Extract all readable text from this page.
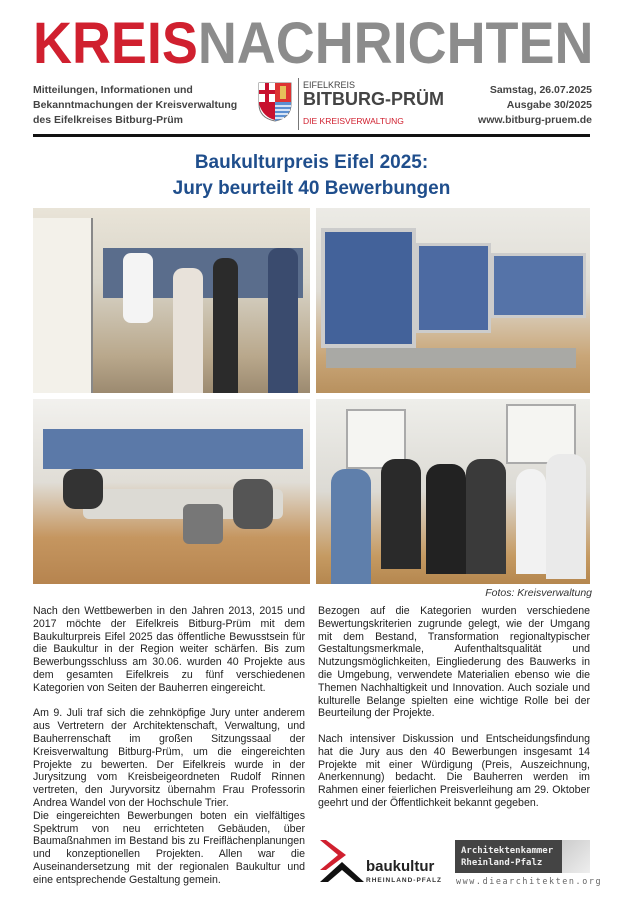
KREISNACHRICHTEN
Mitteilungen, Informationen und
Bekanntmachungen der Kreisverwaltung
des Eifelkreises Bitburg-Prüm
EIFELKREIS
BITBURG-PRÜM
DIE KREISVERWALTUNG
Samstag, 26.07.2025
Ausgabe 30/2025
www.bitburg-pruem.de
Baukulturpreis Eifel 2025:
Jury beurteilt 40 Bewerbungen
Fotos: Kreisverwaltung

Nach den Wettbewerben in den Jahren 2013, 2015 und 2017 möchte der Eifelkreis Bitburg-Prüm mit dem Baukulturpreis Eifel 2025 das öffentliche Bewusstsein für die Baukultur in der Region weiter schärfen. Bis zum Bewerbungsschluss am 30.06. wurden 40 Projekte aus dem gesamten Eifelkreis zu fünf verschiedenen Kategorien von Seiten der Bauherren eingereicht.

Am 9. Juli traf sich die zehnköpfige Jury unter anderem aus Vertretern der Architektenschaft, Verwaltung, und Bauherrenschaft im großen Sitzungssaal der Kreisverwaltung Bitburg-Prüm, um die eingereichten Projekte zu bewerten. Der Eifelkreis wurde in der Jurysitzung vom Kreisbeigeordneten Rudolf Rinnen vertreten, den Juryvorsitz übernahm Frau Professorin Andrea Wandel von der Hochschule Trier.

Die eingereichten Bewerbungen boten ein vielfältiges Spektrum von neu errichteten Gebäuden, über Baumaßnahmen im Bestand bis zu Freiflächenplanungen und konzeptionellen Projekten. Allen war die Auseinandersetzung mit der regionalen Baukultur und eine entsprechende Gestaltung gemein.

Bezogen auf die Kategorien wurden verschiedene Bewertungskriterien zugrunde gelegt, wie der Umgang mit dem Bestand, Transformation regionaltypischer Gestaltungsmerkmale, Aufenthaltsqualität und Nutzungsmöglichkeiten, Eingliederung des Bauwerks in die Umgebung, verwendete Materialien ebenso wie die Themen Nachhaltigkeit und Innovation. Auch soziale und kulturelle Belange spielten eine wichtige Rolle bei der Beurteilung der Projekte.

Nach intensiver Diskussion und Entscheidungsfindung hat die Jury aus den 40 Bewerbungen insgesamt 14 Projekte mit einer Würdigung (Preis, Auszeichnung, Anerkennung) bedacht. Die Bauherren werden im Rahmen einer feierlichen Preisverleihung am 29. Oktober geehrt und der Öffentlichkeit bekannt gegeben.

baukultur
RHEINLAND-PFALZ
Architektenkammer
Rheinland-Pfalz
www.diearchitekten.org
